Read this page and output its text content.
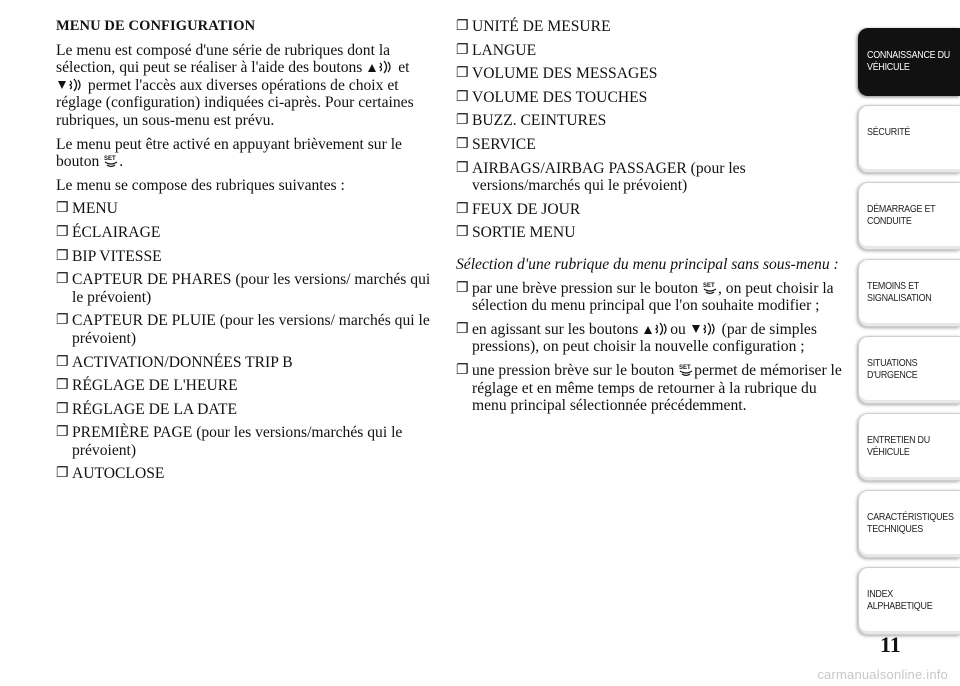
MENU DE CONFIGURATION

Le menu est composé d'une série de rubriques dont la sélection, qui peut se réaliser à l'aide des boutons et
permet l'accès aux diverses opérations de choix et réglage (configuration) indiquées ci-après. Pour certaines rubriques, un sous-menu est prévu.

Le menu peut être activé en appuyant brièvement sur le bouton SET .

Le menu se compose des rubriques suivantes :

❐ MENU
❐ ÉCLAIRAGE
❐ BIP VITESSE
❐ CAPTEUR DE PHARES (pour les versions/ marchés qui le prévoient)
❐ CAPTEUR DE PLUIE (pour les versions/ marchés qui le prévoient)
❐ ACTIVATION/DONNÉES TRIP B
❐ RÉGLAGE DE L'HEURE
❐ RÉGLAGE DE LA DATE
❐ PREMIÈRE PAGE (pour les versions/marchés qui le prévoient)
❐ AUTOCLOSE
❐ UNITÉ DE MESURE
❐ LANGUE
❐ VOLUME DES MESSAGES
❐ VOLUME DES TOUCHES
❐ BUZZ. CEINTURES
❐ SERVICE
❐ AIRBAGS/AIRBAG PASSAGER (pour les versions/marchés qui le prévoient)
❐ FEUX DE JOUR
❐ SORTIE MENU
Sélection d'une rubrique du menu principal sans sous-menu :
❐ par une brève pression sur le bouton SET , on peut choisir la sélection du menu principal que l'on souhaite modifier ;
❐ en agissant sur les boutons ou (par de simples pressions), on peut choisir la nouvelle configuration ;
❐ une pression brève sur le bouton SET permet de mémoriser le réglage et en même temps de retourner à la rubrique du menu principal sélectionnée précédemment.
CONNAISSANCE DU VÉHICULE
SÉCURITÉ
DÉMARRAGE ET CONDUITE
TEMOINS ET SIGNALISATION
SITUATIONS D'URGENCE
ENTRETIEN DU VÉHICULE
CARACTÉRISTIQUES TECHNIQUES
INDEX ALPHABETIQUE
11
carmanualsonline.info
